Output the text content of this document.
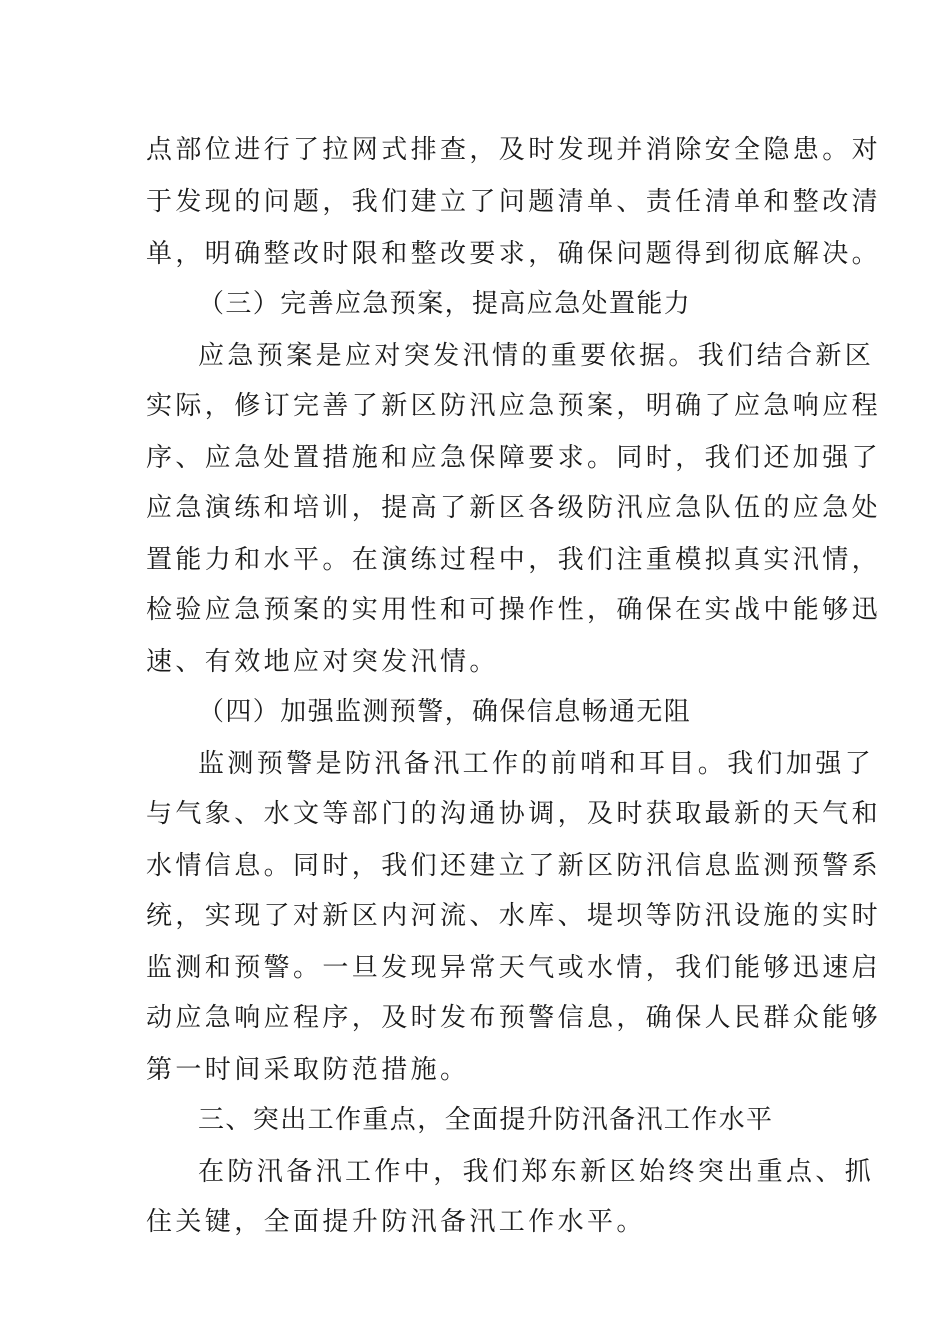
点部位进行了拉网式排查，及时发现并消除安全隐患。对
于发现的问题，我们建立了问题清单、责任清单和整改清
单，明确整改时限和整改要求，确保问题得到彻底解决。
（三）完善应急预案，提高应急处置能力
应急预案是应对突发汛情的重要依据。我们结合新区
实际，修订完善了新区防汛应急预案，明确了应急响应程
序、应急处置措施和应急保障要求。同时，我们还加强了
应急演练和培训，提高了新区各级防汛应急队伍的应急处
置能力和水平。在演练过程中，我们注重模拟真实汛情，
检验应急预案的实用性和可操作性，确保在实战中能够迅
速、有效地应对突发汛情。
（四）加强监测预警，确保信息畅通无阻
监测预警是防汛备汛工作的前哨和耳目。我们加强了
与气象、水文等部门的沟通协调，及时获取最新的天气和
水情信息。同时，我们还建立了新区防汛信息监测预警系
统，实现了对新区内河流、水库、堤坝等防汛设施的实时
监测和预警。一旦发现异常天气或水情，我们能够迅速启
动应急响应程序，及时发布预警信息，确保人民群众能够
第一时间采取防范措施。
三、突出工作重点，全面提升防汛备汛工作水平
在防汛备汛工作中，我们郑东新区始终突出重点、抓
住关键，全面提升防汛备汛工作水平。
